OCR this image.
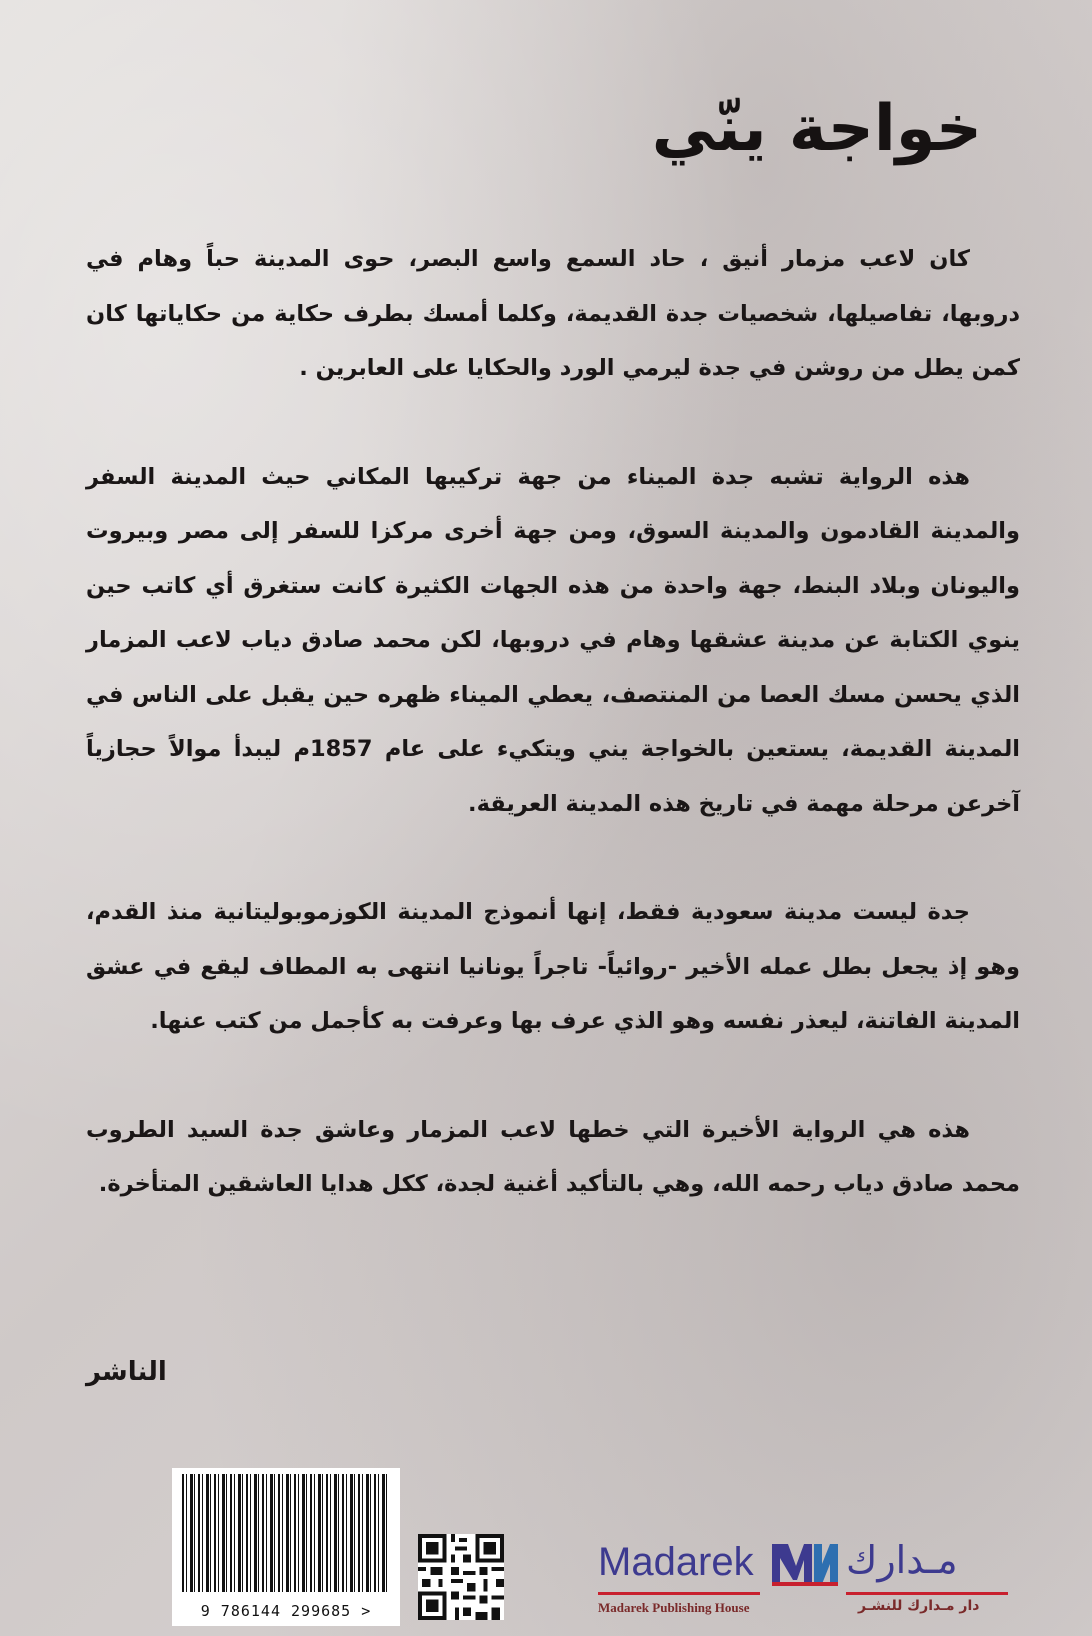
خواجة ينّي

كان لاعب مزمار أنيق ، حاد السمع واسع البصر، حوى المدينة حباً وهام في دروبها، تفاصيلها، شخصيات جدة القديمة، وكلما أمسك بطرف حكاية من حكاياتها كان كمن يطل من روشن في جدة ليرمي الورد والحكايا على العابرين .

هذه الرواية تشبه جدة الميناء من جهة تركيبها المكاني حيث المدينة السفر والمدينة القادمون والمدينة السوق، ومن جهة أخرى مركزا للسفر إلى مصر وبيروت واليونان وبلاد البنط، جهة واحدة من هذه الجهات الكثيرة كانت ستغرق أي كاتب حين ينوي الكتابة عن مدينة عشقها وهام في دروبها، لكن محمد صادق دياب لاعب المزمار الذي يحسن مسك العصا من المنتصف، يعطي الميناء ظهره حين يقبل على الناس في المدينة القديمة، يستعين بالخواجة يني ويتكيء على عام 1857م ليبدأ موالاً حجازياً آخرعن مرحلة مهمة في تاريخ هذه المدينة العريقة.

جدة ليست مدينة سعودية فقط، إنها أنموذج المدينة الكوزموبوليتانية منذ القدم، وهو إذ يجعل بطل عمله الأخير -روائياً- تاجراً يونانيا انتهى به المطاف ليقع في عشق المدينة الفاتنة، ليعذر نفسه وهو الذي عرف بها وعرفت به كأجمل من كتب عنها.

هذه هي الرواية الأخيرة التي خطها لاعب المزمار وعاشق جدة السيد الطروب محمد صادق دياب رحمه الله، وهي بالتأكيد أغنية لجدة، ككل هدايا العاشقين المتأخرة.

الناشر
9 786144 299685 >
Madarek مـدارك
Madarek Publishing House	دار مـدارك للنشـر
